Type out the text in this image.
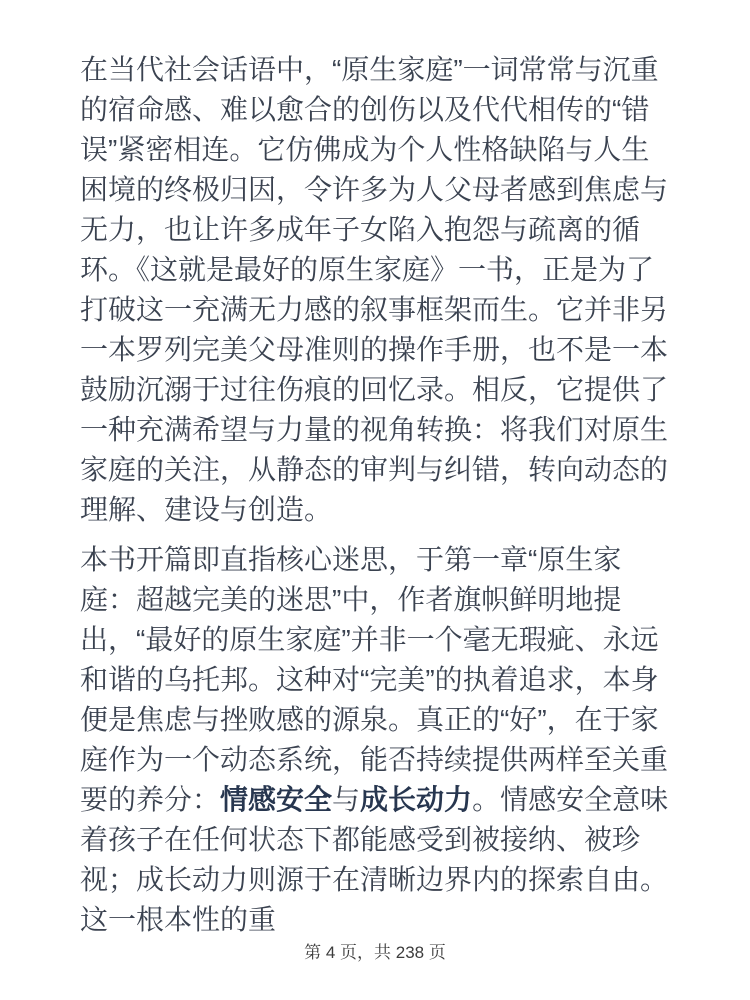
在当代社会话语中，“原生家庭”一词常常与沉重的宿命感、难以愈合的创伤以及代代相传的“错误”紧密相连。它仿佛成为个人性格缺陷与人生困境的终极归因，令许多为人父母者感到焦虑与无力，也让许多成年子女陷入抱怨与疏离的循环。《这就是最好的原生家庭》一书，正是为了打破这一充满无力感的叙事框架而生。它并非另一本罗列完美父母准则的操作手册，也不是一本鼓励沉溺于过往伤痕的回忆录。相反，它提供了一种充满希望与力量的视角转换：将我们对原生家庭的关注，从静态的审判与纠错，转向动态的理解、建设与创造。

本书开篇即直指核心迷思，于第一章“原生家庭：超越完美的迷思”中，作者旗帜鲜明地提出，“最好的原生家庭”并非一个毫无瑕疵、永远和谐的乌托邦。这种对“完美”的执着追求，本身便是焦虑与挫败感的源泉。真正的“好”，在于家庭作为一个动态系统，能否持续提供两样至关重要的养分：情感安全与成长动力。情感安全意味着孩子在任何状态下都能感受到被接纳、被珍视；成长动力则源于在清晰边界内的探索自由。这一根本性的重

第 4 页，共 238 页
